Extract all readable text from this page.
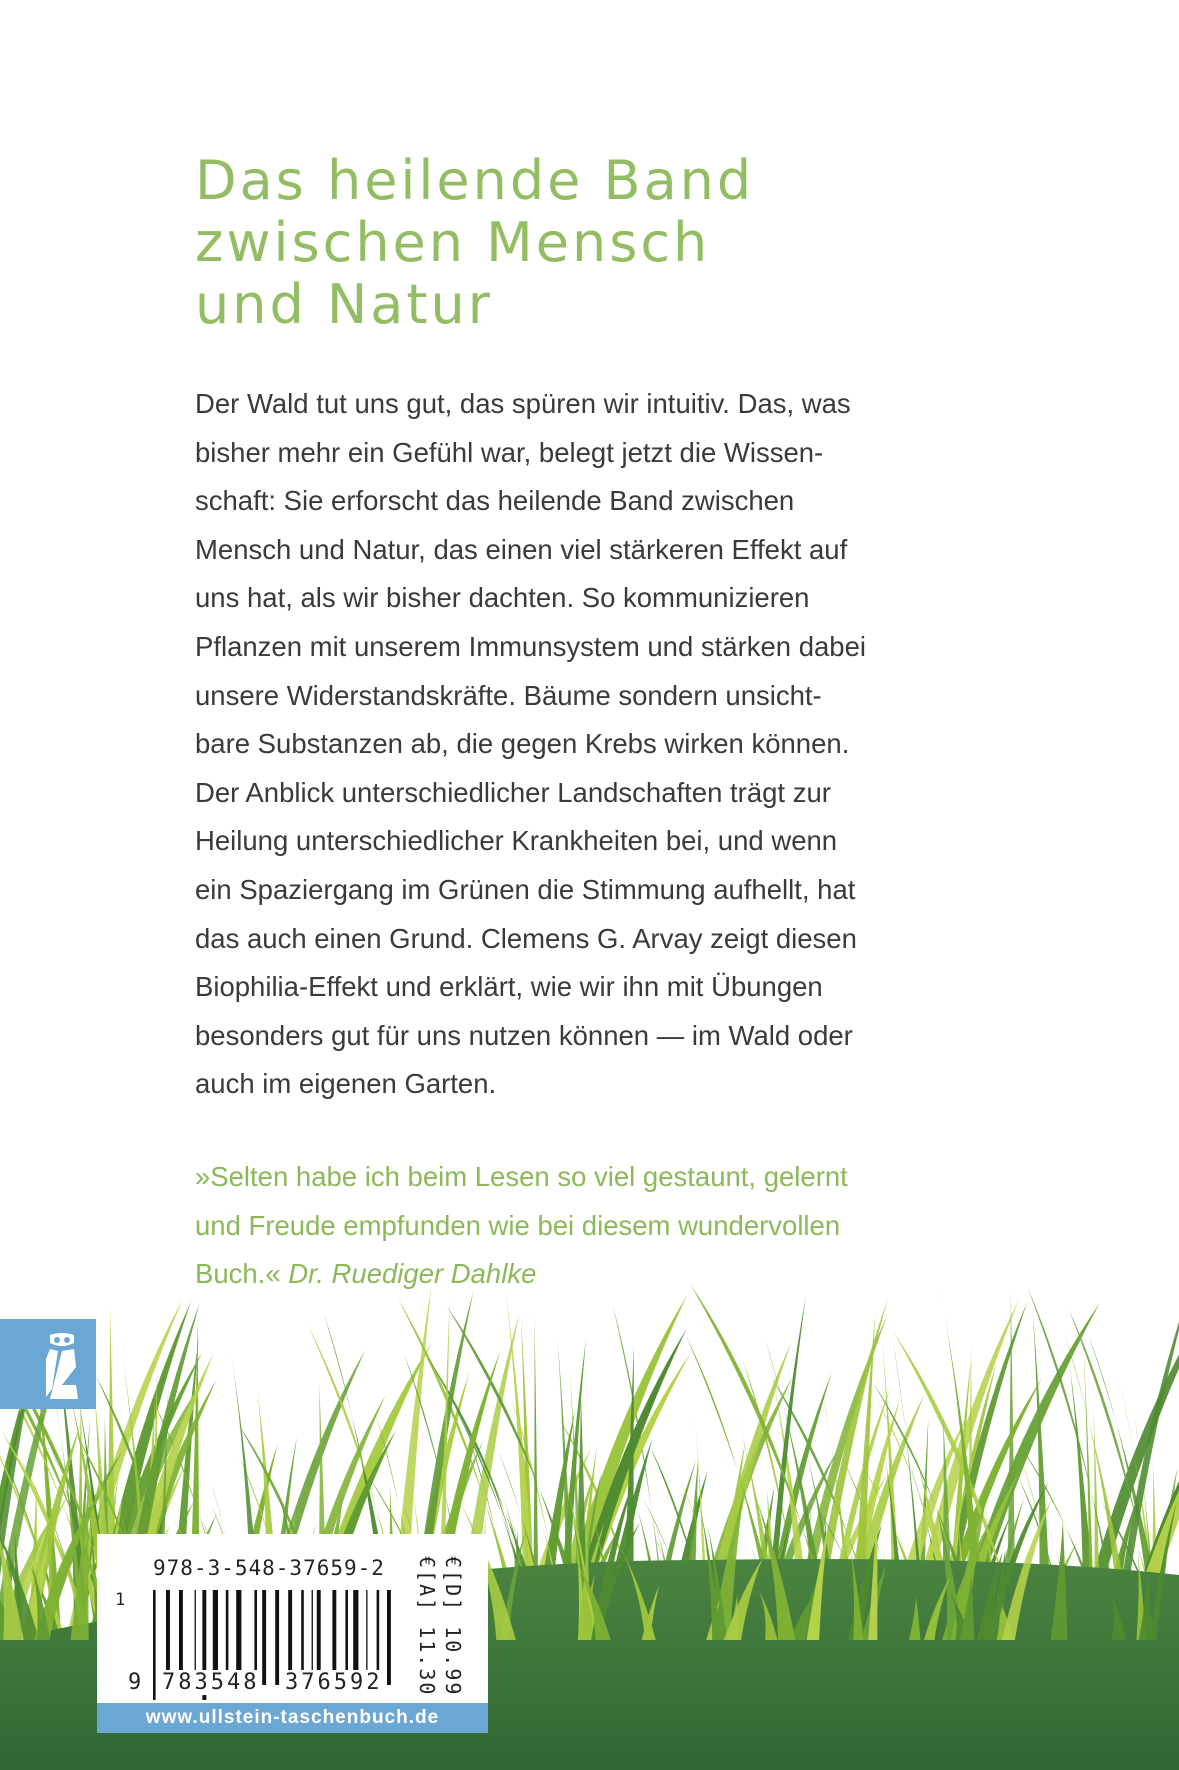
Das heilende Band
zwischen Mensch
und Natur
Der Wald tut uns gut, das spüren wir intuitiv. Das, was
bisher mehr ein Gefühl war, belegt jetzt die Wissen-
schaft: Sie erforscht das heilende Band zwischen
Mensch und Natur, das einen viel stärkeren Effekt auf
uns hat, als wir bisher dachten. So kommunizieren
Pflanzen mit unserem Immunsystem und stärken dabei
unsere Widerstandskräfte. Bäume sondern unsicht-
bare Substanzen ab, die gegen Krebs wirken können.
Der Anblick unterschiedlicher Landschaften trägt zur
Heilung unterschiedlicher Krankheiten bei, und wenn
ein Spaziergang im Grünen die Stimmung aufhellt, hat
das auch einen Grund. Clemens G. Arvay zeigt diesen
Biophilia-Effekt und erklärt, wie wir ihn mit Übungen
besonders gut für uns nutzen können — im Wald oder
auch im eigenen Garten.
»Selten habe ich beim Lesen so viel gestaunt, gelernt
und Freude empfunden wie bei diesem wundervollen
Buch.« Dr. Ruediger Dahlke
978-3-548-37659-2
1
9 783548 376592	€[D] 10.99
€[A] 11.30
www.ullstein-taschenbuch.de
